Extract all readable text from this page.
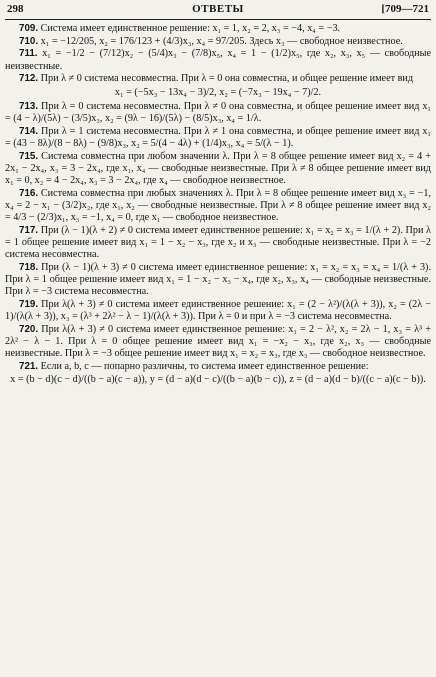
298	ОТВЕТЫ	[709—721

709. Система имеет единственное решение: x₁ = 1, x₂ = 2, x₃ = −4, x₄ = −3.

710. x₁ = −12/205, x₂ = 176/123 + (4/3)x₃, x₄ = 97/205. Здесь x₃ — свободное неизвестное.

711. x₁ = −1/2 − (7/12)x₂ − (5/4)x₃ − (7/8)x₅, x₄ = 1 − (1/2)x₅, где x₂, x₃, x₅ — свободные неизвестные.

712. При λ ≠ 0 система несовместна. При λ = 0 она совместна, и общее решение имеет вид

x₁ = (−5x₃ − 13x₄ − 3)/2, x₂ = (−7x₃ − 19x₄ − 7)/2.

713. При λ = 0 система несовместна. При λ ≠ 0 она совместна, и общее решение имеет вид x₁ = (4 − λ)/(5λ) − (3/5)x₃, x₂ = (9λ − 16)/(5λ) − (8/5)x₃, x₄ = 1/λ.

714. При λ = 1 система несовместна. При λ ≠ 1 она совместна, и общее решение имеет вид x₁ = (43 − 8λ)/(8 − 8λ) − (9/8)x₃, x₂ = 5/(4 − 4λ) + (1/4)x₃, x₄ = 5/(λ − 1).

715. Система совместна при любом значении λ. При λ = 8 общее решение имеет вид x₂ = 4 + 2x₁ − 2x₄, x₃ = 3 − 2x₄, где x₁, x₄ — свободные неизвестные. При λ ≠ 8 общее решение имеет вид x₁ = 0, x₂ = 4 − 2x₄, x₃ = 3 − 2x₄, где x₄ — свободное неизвестное.

716. Система совместна при любых значениях λ. При λ = 8 общее решение имеет вид x₃ = −1, x₄ = 2 − x₁ − (3/2)x₂, где x₁, x₂ — свободные неизвестные. При λ ≠ 8 общее решение имеет вид x₂ = 4/3 − (2/3)x₁, x₃ = −1, x₄ = 0, где x₁ — свободное неизвестное.

717. При (λ − 1)(λ + 2) ≠ 0 система имеет единственное решение: x₁ = x₂ = x₃ = 1/(λ + 2). При λ = 1 общее решение имеет вид x₁ = 1 − x₂ − x₃, где x₂ и x₃ — свободные неизвестные. При λ = −2 система несовместна.

718. При (λ − 1)(λ + 3) ≠ 0 система имеет единственное решение: x₁ = x₂ = x₃ = x₄ = 1/(λ + 3). При λ = 1 общее решение имеет вид x₁ = 1 − x₂ − x₃ − x₄, где x₂, x₃, x₄ — свободные неизвестные. При λ = −3 система несовместна.

719. При λ(λ + 3) ≠ 0 система имеет единственное решение: x₁ = (2 − λ²)/(λ(λ + 3)), x₂ = (2λ − 1)/(λ(λ + 3)), x₃ = (λ³ + 2λ² − λ − 1)/(λ(λ + 3)). При λ = 0 и при λ = −3 система несовместна.

720. При λ(λ + 3) ≠ 0 система имеет единственное решение: x₁ = 2 − λ², x₂ = 2λ − 1, x₃ = λ³ + 2λ² − λ − 1. При λ = 0 общее решение имеет вид x₁ = −x₂ − x₃, где x₂, x₃ — свободные неизвестные. При λ = −3 общее решение имеет вид x₁ = x₂ = x₃, где x₃ — свободное неизвестное.

721. Если a, b, c — попарно различны, то система имеет единственное решение:

x = (b − d)(c − d)/((b − a)(c − a)), y = (d − a)(d − c)/((b − a)(b − c)), z = (d − a)(d − b)/((c − a)(c − b)).
